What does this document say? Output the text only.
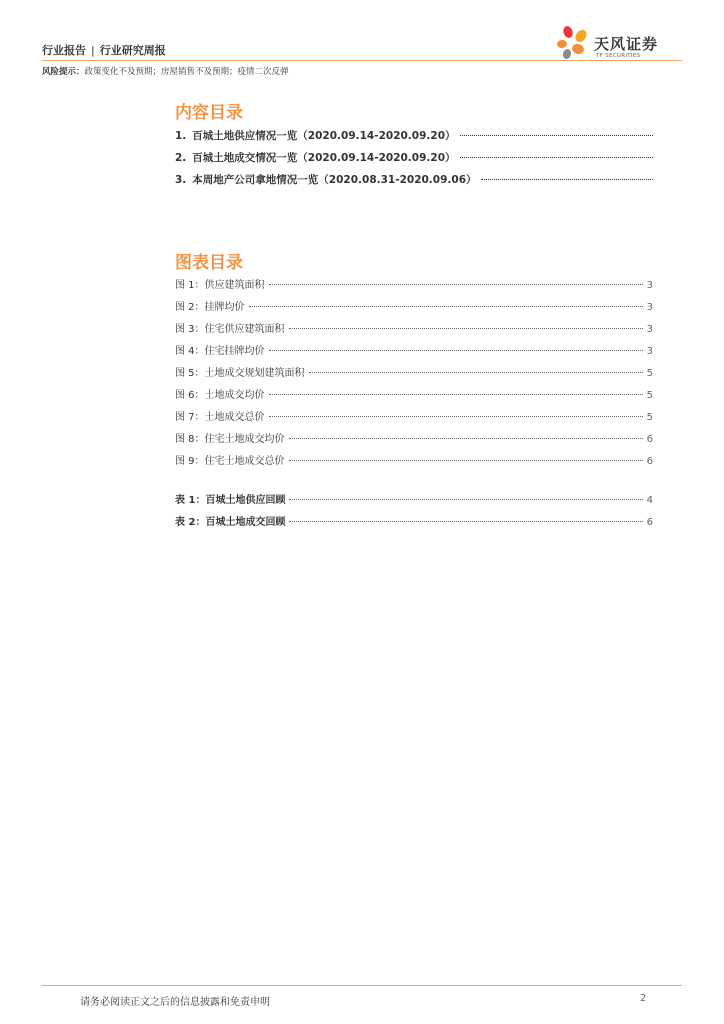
行业报告 | 行业研究周报	天风证券
TF SECURITIES
风险提示：政策变化不及预期；房屋销售不及预期；疫情二次反弹
内容目录
1. 百城土地供应情况一览（2020.09.14-2020.09.20）
2. 百城土地成交情况一览（2020.09.14-2020.09.20）
3. 本周地产公司拿地情况一览（2020.08.31-2020.09.06）
图表目录
图 1：供应建筑面积	3
图 2：挂牌均价	3
图 3：住宅供应建筑面积	3
图 4：住宅挂牌均价	3
图 5：土地成交规划建筑面积	5
图 6：土地成交均价	5
图 7：土地成交总价	5
图 8：住宅土地成交均价	6
图 9：住宅土地成交总价	6
表 1：百城土地供应回顾	4
表 2：百城土地成交回顾	6
请务必阅读正文之后的信息披露和免责申明	2
